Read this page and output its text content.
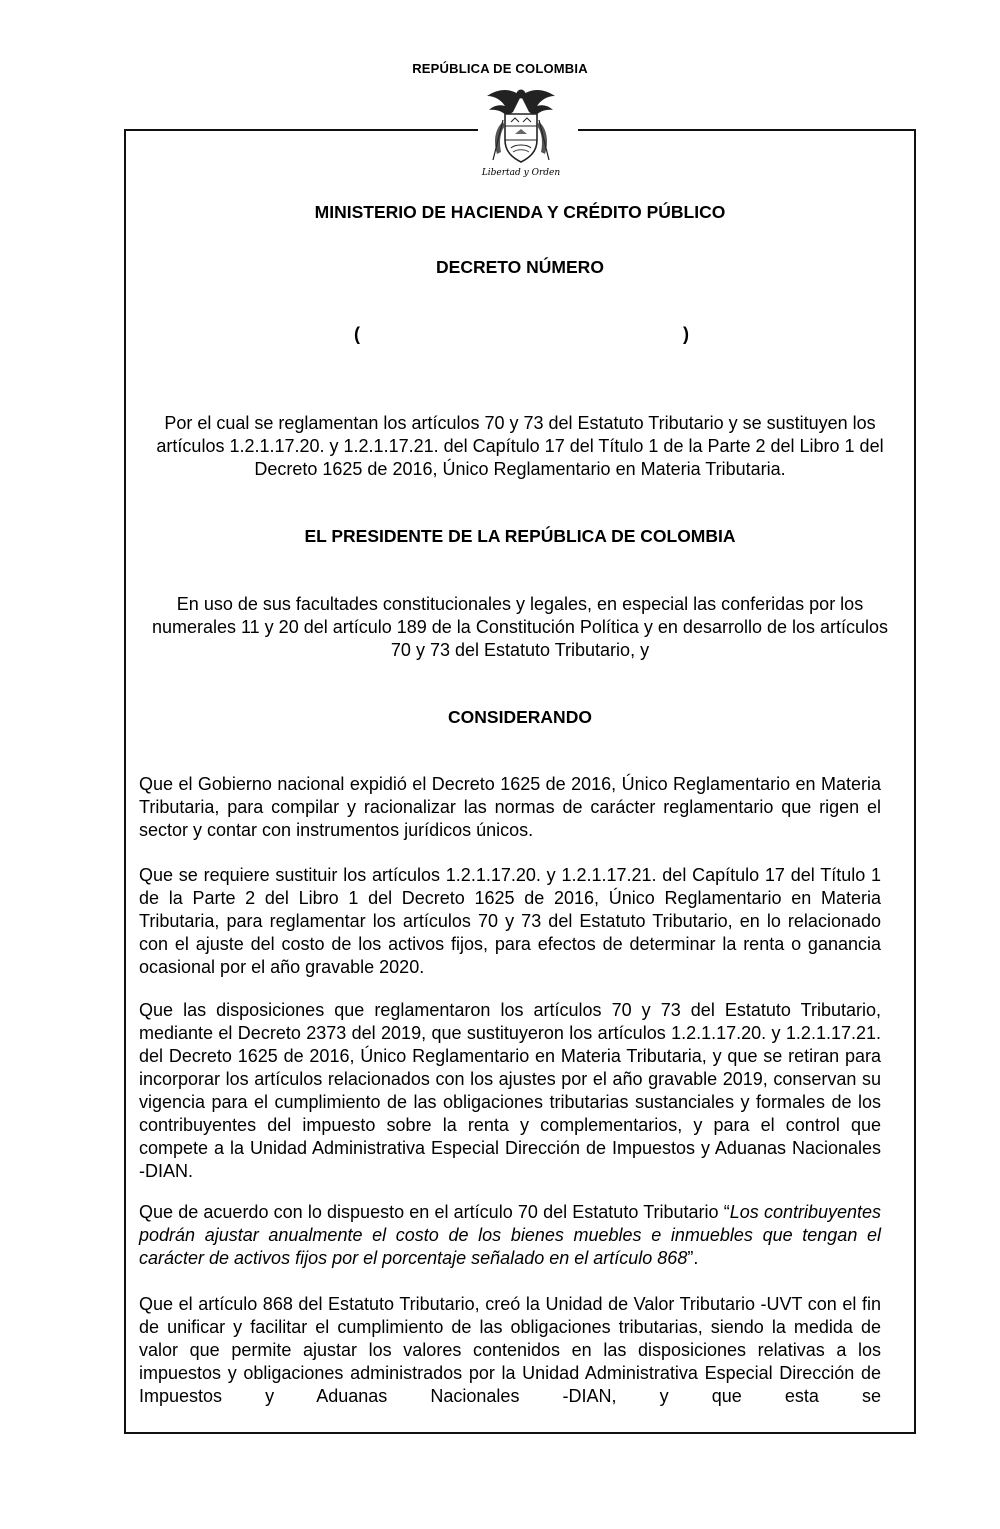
REPÚBLICA DE COLOMBIA
Libertad y Orden
MINISTERIO DE HACIENDA Y CRÉDITO PÚBLICO
DECRETO NÚMERO
(	)
Por el cual se reglamentan los artículos 70 y 73 del Estatuto Tributario y se sustituyen los artículos 1.2.1.17.20. y 1.2.1.17.21. del Capítulo 17 del Título 1 de la Parte 2 del Libro 1 del Decreto 1625 de 2016, Único Reglamentario en Materia Tributaria.
EL PRESIDENTE DE LA REPÚBLICA DE COLOMBIA
En uso de sus facultades constitucionales y legales, en especial las conferidas por los numerales 11 y 20 del artículo 189 de la Constitución Política y en desarrollo de los artículos 70 y 73 del Estatuto Tributario, y
CONSIDERANDO

Que el Gobierno nacional expidió el Decreto 1625 de 2016, Único Reglamentario en Materia Tributaria, para compilar y racionalizar las normas de carácter reglamentario que rigen el sector y contar con instrumentos jurídicos únicos.

Que se requiere sustituir los artículos 1.2.1.17.20. y 1.2.1.17.21. del Capítulo 17 del Título 1 de la Parte 2 del Libro 1 del Decreto 1625 de 2016, Único Reglamentario en Materia Tributaria, para reglamentar los artículos 70 y 73 del Estatuto Tributario, en lo relacionado con el ajuste del costo de los activos fijos, para efectos de determinar la renta o ganancia ocasional por el año gravable 2020.

Que las disposiciones que reglamentaron los artículos 70 y 73 del Estatuto Tributario, mediante el Decreto 2373 del 2019, que sustituyeron los artículos 1.2.1.17.20. y 1.2.1.17.21. del Decreto 1625 de 2016, Único Reglamentario en Materia Tributaria, y que se retiran para incorporar los artículos relacionados con los ajustes por el año gravable 2019, conservan su vigencia para el cumplimiento de las obligaciones tributarias sustanciales y formales de los contribuyentes del impuesto sobre la renta y complementarios, y para el control que compete a la Unidad Administrativa Especial Dirección de Impuestos y Aduanas Nacionales -DIAN.

Que de acuerdo con lo dispuesto en el artículo 70 del Estatuto Tributario “Los contribuyentes podrán ajustar anualmente el costo de los bienes muebles e inmuebles que tengan el carácter de activos fijos por el porcentaje señalado en el artículo 868”.

Que el artículo 868 del Estatuto Tributario, creó la Unidad de Valor Tributario -UVT con el fin de unificar y facilitar el cumplimiento de las obligaciones tributarias, siendo la medida de valor que permite ajustar los valores contenidos en las disposiciones relativas a los impuestos y obligaciones administrados por la Unidad Administrativa Especial Dirección de Impuestos y Aduanas Nacionales -DIAN, y que esta se
